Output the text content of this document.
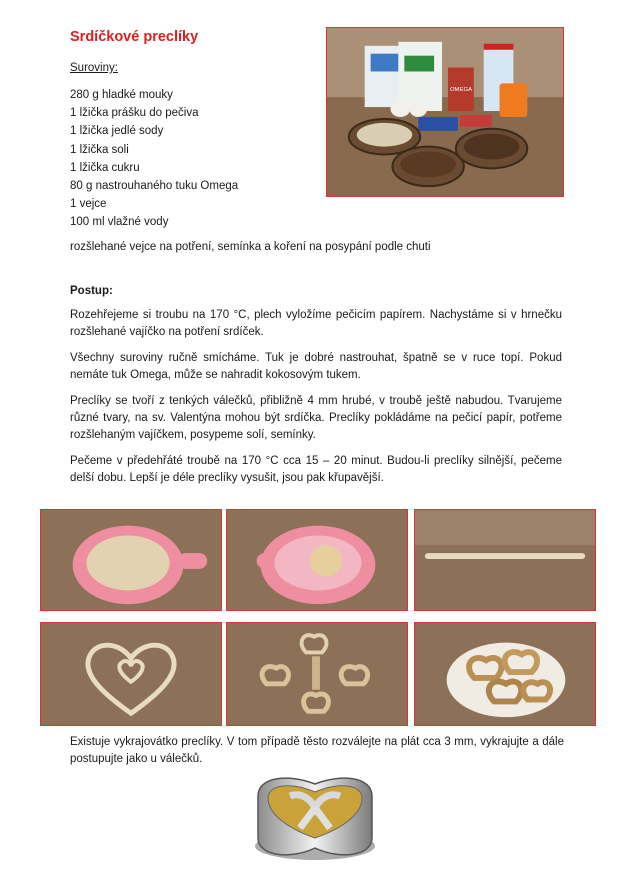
Srdíčkové preclíky
Suroviny:
280 g hladké mouky
1 lžička prášku do pečiva
1 lžička jedlé sody
1 lžička soli
1 lžička cukru
80 g nastrouhaného tuku Omega
1 vejce
100 ml vlažné vody
OMEGA
rozšlehané vejce na potření, semínka a koření na posypání podle chuti
Postup:

Rozehřejeme si troubu na 170 °C, plech vyložíme pečicím papírem. Nachystáme si v hrnečku rozšlehané vajíčko na potření srdíček.

Všechny suroviny ručně smícháme. Tuk je dobré nastrouhat, špatně se v ruce topí. Pokud nemáte tuk Omega, může se nahradit kokosovým tukem.

Preclíky se tvoří z tenkých válečků, přibližně 4 mm hrubé, v troubě ještě nabudou. Tvarujeme různé tvary, na sv. Valentýna mohou být srdíčka. Preclíky pokládáme na pečicí papír, potřeme rozšlehaným vajíčkem, posypeme solí, semínky.

Pečeme v předehřáté troubě na 170 °C cca 15 – 20 minut. Budou-li preclíky silnější, pečeme delší dobu. Lepší je déle preclíky vysušit, jsou pak křupavější.

Existuje vykrajovátko preclíky. V tom případě těsto rozválejte na plát cca 3 mm, vykrajujte a dále postupujte jako u válečků.
